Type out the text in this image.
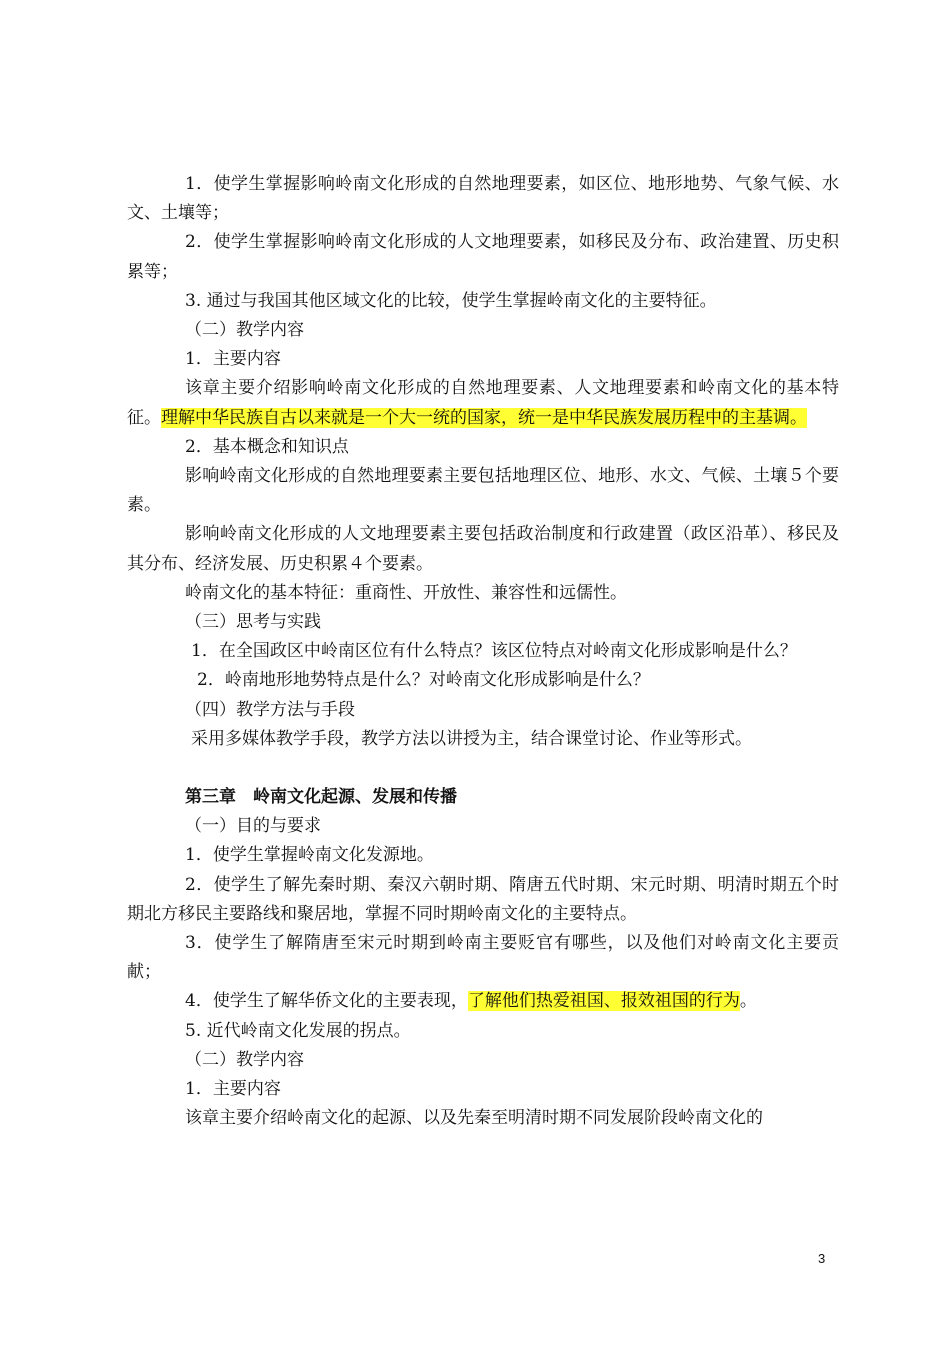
1．使学生掌握影响岭南文化形成的自然地理要素，如区位、地形地势、气象气候、水文、土壤等；

2．使学生掌握影响岭南文化形成的人文地理要素，如移民及分布、政治建置、历史积累等；

3. 通过与我国其他区域文化的比较，使学生掌握岭南文化的主要特征。

（二）教学内容

1．主要内容

该章主要介绍影响岭南文化形成的自然地理要素、人文地理要素和岭南文化的基本特征。理解中华民族自古以来就是一个大一统的国家，统一是中华民族发展历程中的主基调。

2．基本概念和知识点

影响岭南文化形成的自然地理要素主要包括地理区位、地形、水文、气候、土壤５个要素。

影响岭南文化形成的人文地理要素主要包括政治制度和行政建置（政区沿革）、移民及其分布、经济发展、历史积累４个要素。

岭南文化的基本特征：重商性、开放性、兼容性和远儒性。

（三）思考与实践

1．在全国政区中岭南区位有什么特点？该区位特点对岭南文化形成影响是什么？

2．岭南地形地势特点是什么？对岭南文化形成影响是什么？

（四）教学方法与手段

采用多媒体教学手段，教学方法以讲授为主，结合课堂讨论、作业等形式。

第三章　岭南文化起源、发展和传播

（一）目的与要求

1．使学生掌握岭南文化发源地。

2．使学生了解先秦时期、秦汉六朝时期、隋唐五代时期、宋元时期、明清时期五个时期北方移民主要路线和聚居地，掌握不同时期岭南文化的主要特点。

3．使学生了解隋唐至宋元时期到岭南主要贬官有哪些，以及他们对岭南文化主要贡献；

4．使学生了解华侨文化的主要表现，了解他们热爱祖国、报效祖国的行为。

5. 近代岭南文化发展的拐点。

（二）教学内容

1．主要内容

该章主要介绍岭南文化的起源、以及先秦至明清时期不同发展阶段岭南文化的

3
